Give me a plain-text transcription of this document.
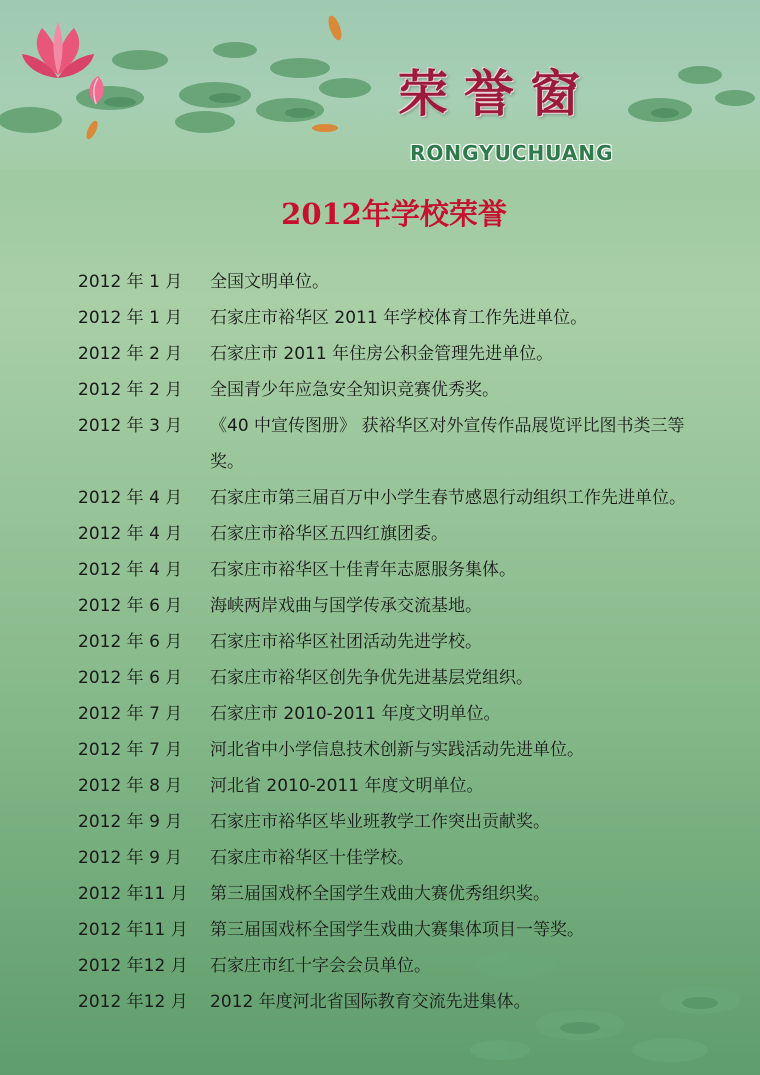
荣誉窗
RONGYUCHUANG
2012年学校荣誉
2012 年 1 月	全国文明单位。
2012 年 1 月	石家庄市裕华区 2011 年学校体育工作先进单位。
2012 年 2 月	石家庄市 2011 年住房公积金管理先进单位。
2012 年 2 月	全国青少年应急安全知识竞赛优秀奖。
2012 年 3 月	《40 中宣传图册》 获裕华区对外宣传作品展览评比图书类三等奖。
2012 年 4 月	石家庄市第三届百万中小学生春节感恩行动组织工作先进单位。
2012 年 4 月	石家庄市裕华区五四红旗团委。
2012 年 4 月	石家庄市裕华区十佳青年志愿服务集体。
2012 年 6 月	海峡两岸戏曲与国学传承交流基地。
2012 年 6 月	石家庄市裕华区社团活动先进学校。
2012 年 6 月	石家庄市裕华区创先争优先进基层党组织。
2012 年 7 月	石家庄市 2010-2011 年度文明单位。
2012 年 7 月	河北省中小学信息技术创新与实践活动先进单位。
2012 年 8 月	河北省 2010-2011 年度文明单位。
2012 年 9 月	石家庄市裕华区毕业班教学工作突出贡献奖。
2012 年 9 月	石家庄市裕华区十佳学校。
2012 年11 月	第三届国戏杯全国学生戏曲大赛优秀组织奖。
2012 年11 月	第三届国戏杯全国学生戏曲大赛集体项目一等奖。
2012 年12 月	石家庄市红十字会会员单位。
2012 年12 月	2012 年度河北省国际教育交流先进集体。
